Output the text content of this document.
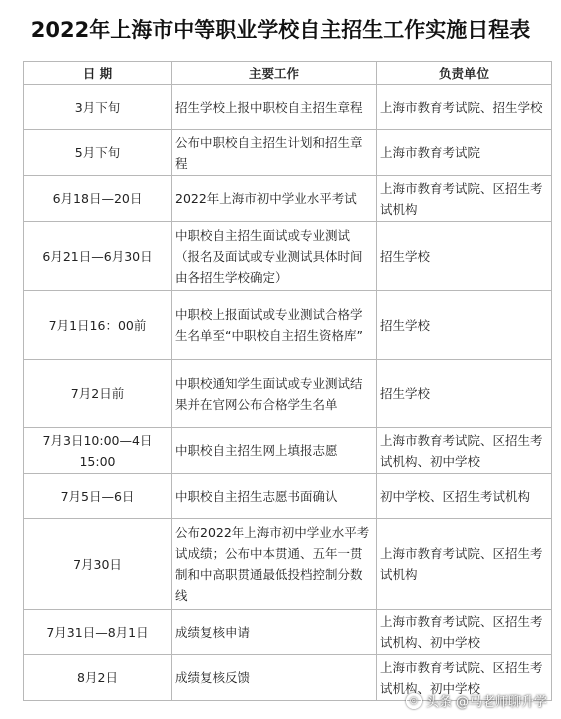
2022年上海市中等职业学校自主招生工作实施日程表
日 期	主要工作	负责单位
3月下旬	招生学校上报中职校自主招生章程	上海市教育考试院、招生学校
5月下旬	公布中职校自主招生计划和招生章程	上海市教育考试院
6月18日—20日	2022年上海市初中学业水平考试	上海市教育考试院、区招生考试机构
6月21日—6月30日	中职校自主招生面试或专业测试（报名及面试或专业测试具体时间由各招生学校确定）	招生学校
7月1日16：00前	中职校上报面试或专业测试合格学生名单至“中职校自主招生资格库”	招生学校
7月2日前	中职校通知学生面试或专业测试结果并在官网公布合格学生名单	招生学校
7月3日10:00—4日15:00	中职校自主招生网上填报志愿	上海市教育考试院、区招生考试机构、初中学校
7月5日—6日	中职校自主招生志愿书面确认	初中学校、区招生考试机构
7月30日	公布2022年上海市初中学业水平考试成绩；公布中本贯通、五年一贯制和中高职贯通最低投档控制分数线	上海市教育考试院、区招生考试机构
7月31日—8月1日	成绩复核申请	上海市教育考试院、区招生考试机构、初中学校
8月2日	成绩复核反馈	上海市教育考试院、区招生考试机构、初中学校
◎ 头条 @马老师聊升学
